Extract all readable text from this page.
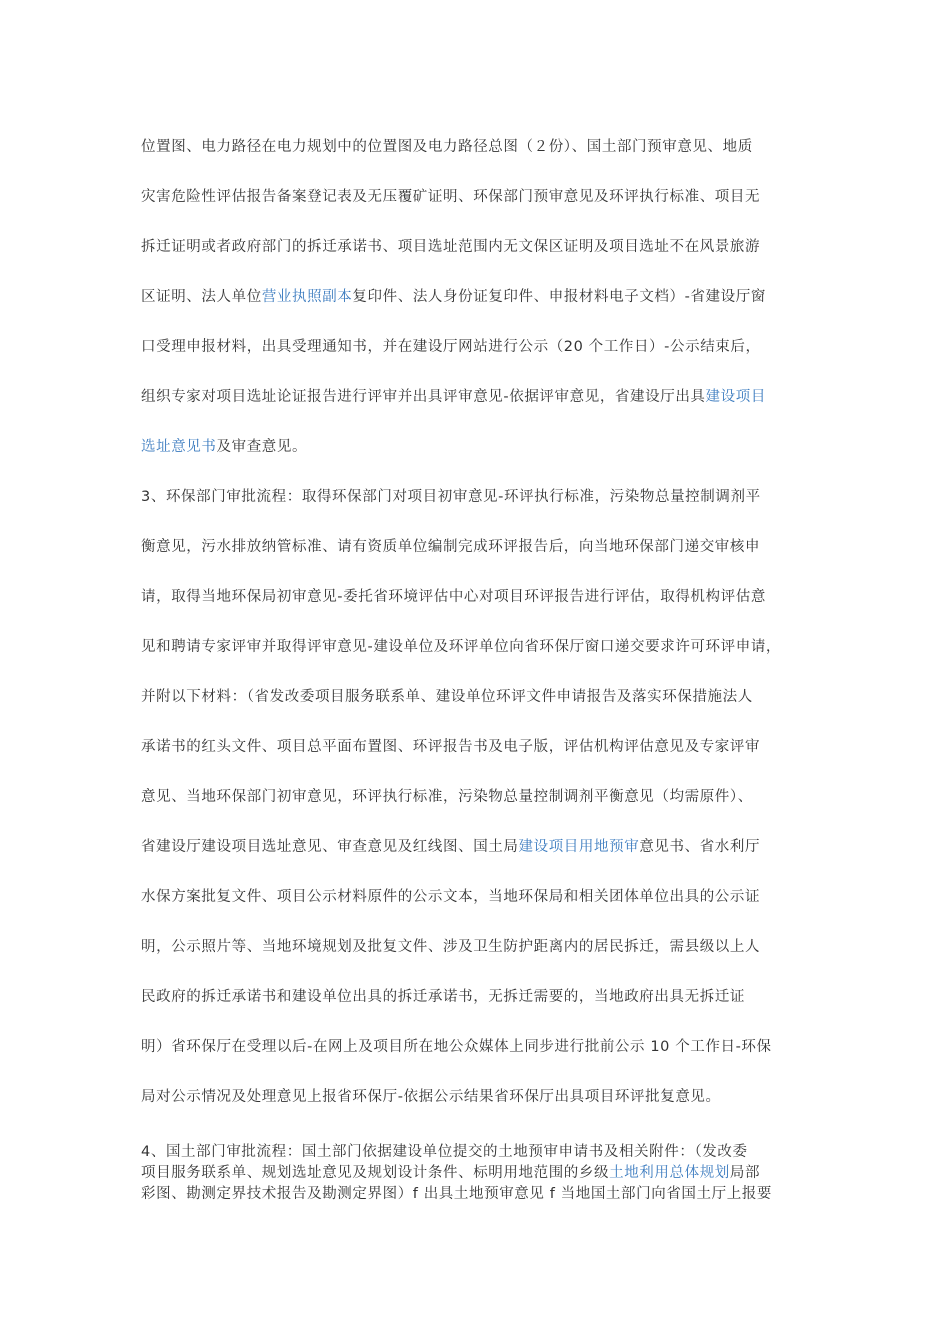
位置图、电力路径在电力规划中的位置图及电力路径总图（２份）、国土部门预审意见、地质
灾害危险性评估报告备案登记表及无压覆矿证明、环保部门预审意见及环评执行标准、项目无
拆迁证明或者政府部门的拆迁承诺书、项目选址范围内无文保区证明及项目选址不在风景旅游
区证明、法人单位营业执照副本复印件、法人身份证复印件、申报材料电子文档）-省建设厅窗
口受理申报材料，出具受理通知书，并在建设厅网站进行公示（20 个工作日）-公示结束后，
组织专家对项目选址论证报告进行评审并出具评审意见-依据评审意见，省建设厅出具建设项目
选址意见书及审查意见。
3、环保部门审批流程：取得环保部门对项目初审意见-环评执行标准，污染物总量控制调剂平
衡意见，污水排放纳管标准、请有资质单位编制完成环评报告后，向当地环保部门递交审核申
请，取得当地环保局初审意见-委托省环境评估中心对项目环评报告进行评估，取得机构评估意
见和聘请专家评审并取得评审意见-建设单位及环评单位向省环保厅窗口递交要求许可环评申请，
并附以下材料：（省发改委项目服务联系单、建设单位环评文件申请报告及落实环保措施法人
承诺书的红头文件、项目总平面布置图、环评报告书及电子版，评估机构评估意见及专家评审
意见、当地环保部门初审意见，环评执行标准，污染物总量控制调剂平衡意见（均需原件）、
省建设厅建设项目选址意见、审查意见及红线图、国土局建设项目用地预审意见书、省水利厅
水保方案批复文件、项目公示材料原件的公示文本，当地环保局和相关团体单位出具的公示证
明，公示照片等、当地环境规划及批复文件、涉及卫生防护距离内的居民拆迁，需县级以上人
民政府的拆迁承诺书和建设单位出具的拆迁承诺书，无拆迁需要的，当地政府出具无拆迁证
明）省环保厅在受理以后-在网上及项目所在地公众媒体上同步进行批前公示 10 个工作日-环保
局对公示情况及处理意见上报省环保厅-依据公示结果省环保厅出具项目环评批复意见。
4、国土部门审批流程：国土部门依据建设单位提交的土地预审申请书及相关附件：（发改委
项目服务联系单、规划选址意见及规划设计条件、标明用地范围的乡级土地利用总体规划局部
彩图、勘测定界技术报告及勘测定界图）f 出具土地预审意见 f 当地国土部门向省国土厅上报要
